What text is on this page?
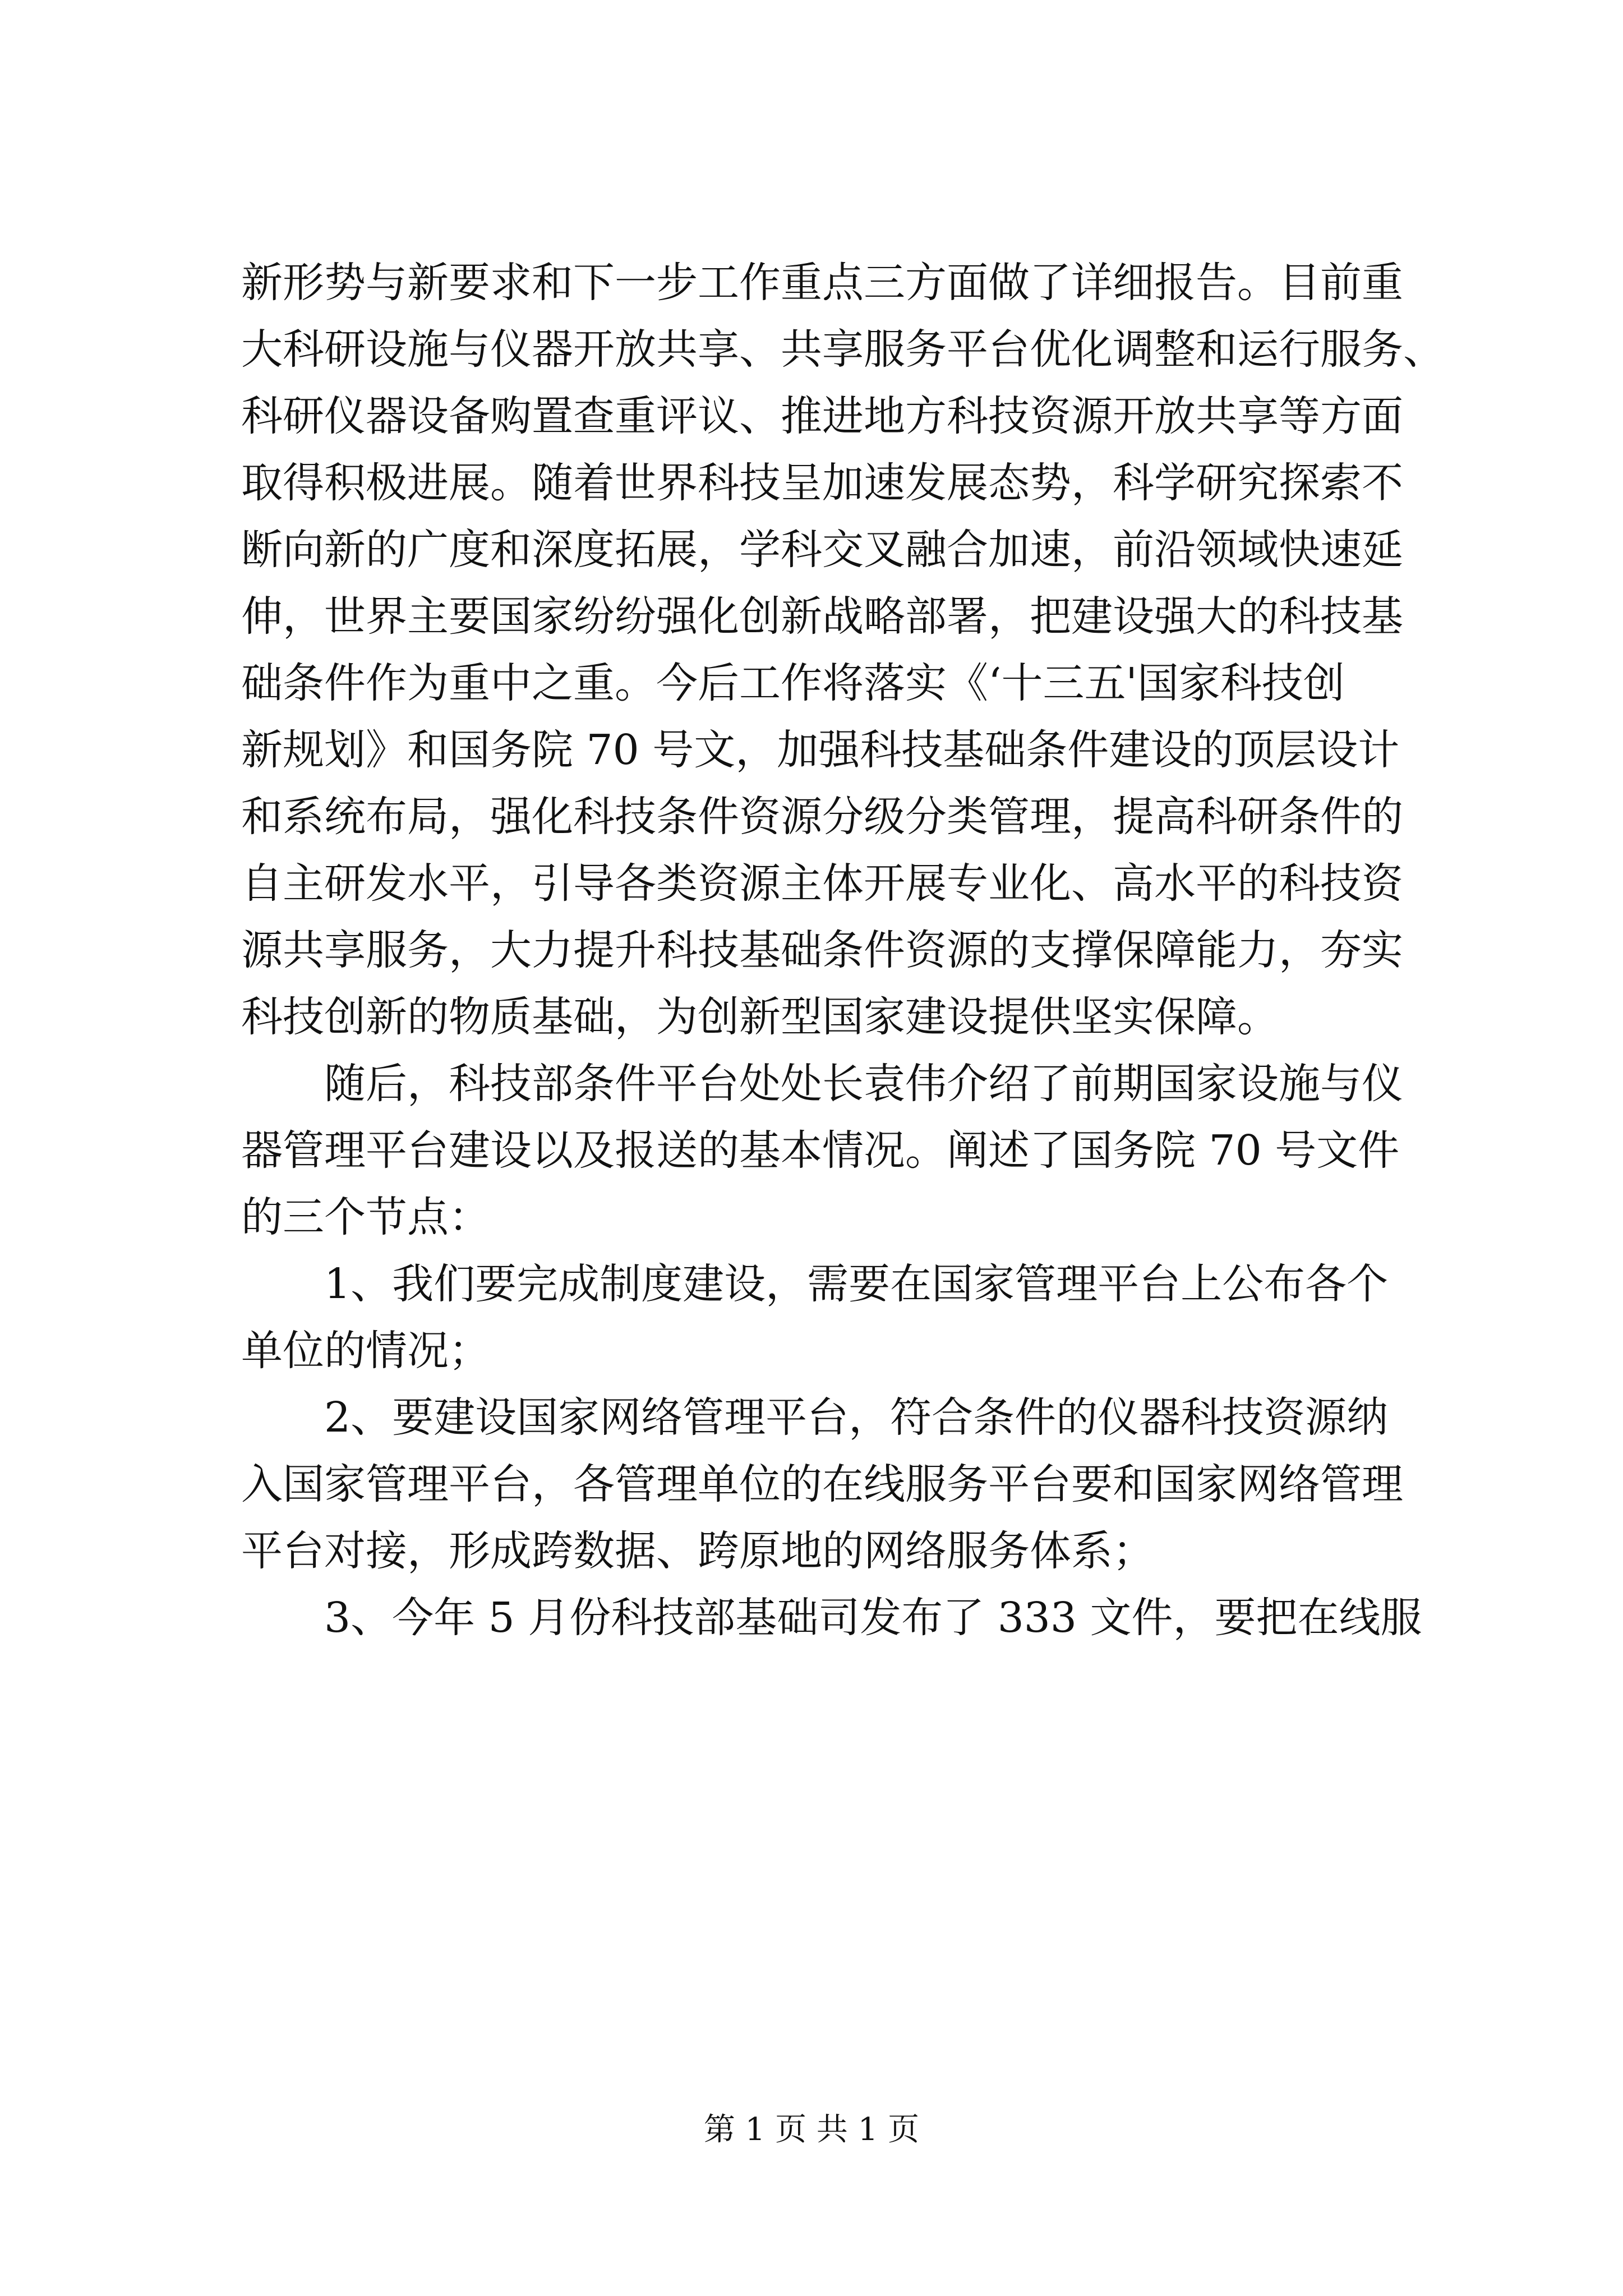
新形势与新要求和下一步工作重点三方面做了详细报告。目前重
大科研设施与仪器开放共享、共享服务平台优化调整和运行服务、
科研仪器设备购置查重评议、推进地方科技资源开放共享等方面
取得积极进展。随着世界科技呈加速发展态势，科学研究探索不
断向新的广度和深度拓展，学科交叉融合加速，前沿领域快速延
伸，世界主要国家纷纷强化创新战略部署，把建设强大的科技基
础条件作为重中之重。今后工作将落实《‘十三五'国家科技创
新规划》和国务院 70 号文，加强科技基础条件建设的顶层设计
和系统布局，强化科技条件资源分级分类管理，提高科研条件的
自主研发水平，引导各类资源主体开展专业化、高水平的科技资
源共享服务，大力提升科技基础条件资源的支撑保障能力，夯实
科技创新的物质基础，为创新型国家建设提供坚实保障。
随后，科技部条件平台处处长袁伟介绍了前期国家设施与仪
器管理平台建设以及报送的基本情况。阐述了国务院 70 号文件
的三个节点：
1、我们要完成制度建设，需要在国家管理平台上公布各个
单位的情况；
2、要建设国家网络管理平台，符合条件的仪器科技资源纳
入国家管理平台，各管理单位的在线服务平台要和国家网络管理
平台对接，形成跨数据、跨原地的网络服务体系；
3、今年 5 月份科技部基础司发布了 333 文件，要把在线服
第 1 页 共 1 页
